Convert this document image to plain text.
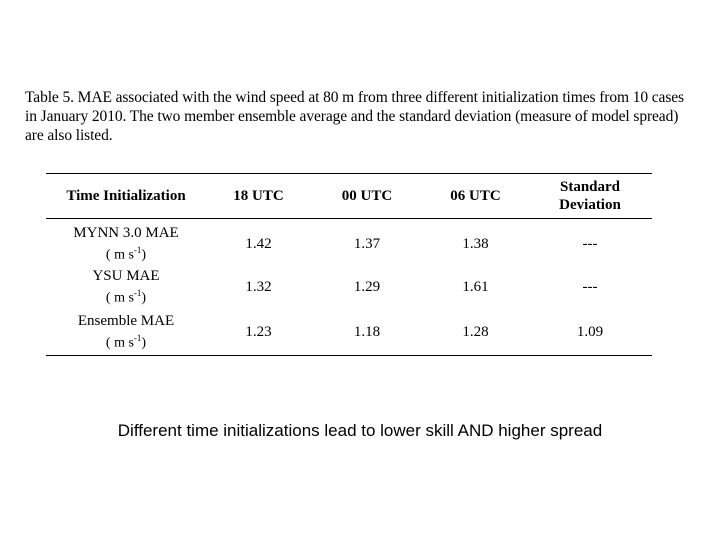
Table 5. MAE associated with the wind speed at 80 m from three different initialization times from 10 cases in January 2010. The two member ensemble average and the standard deviation (measure of model spread) are also listed.
Time Initialization	18 UTC	00 UTC	06 UTC	Standard Deviation

MYNN 3.0 MAE
( m $s^{-1}$)	1.42	1.37	1.38	---

YSU MAE
( m $s^{-1}$)	1.32	1.29	1.61	---

Ensemble MAE
( m $s^{-1}$)	1.23	1.18	1.28	1.09
Different time initializations lead to lower skill AND higher spread
